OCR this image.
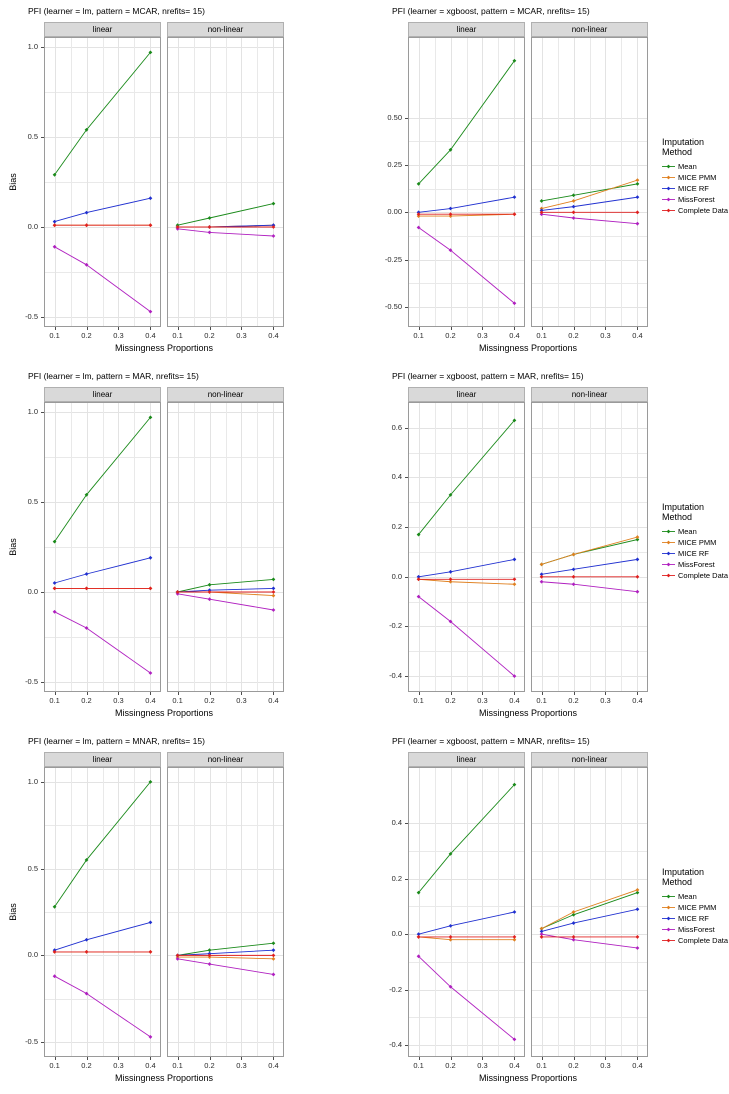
PFI (learner = lm, pattern = MCAR, nrefits= 15)
Bias
linear
-0.5
0.0
0.5
1.0
0.1	0.2	0.3	0.4
non-linear
0.1	0.2	0.3	0.4
Missingness Proportions
PFI (learner = xgboost, pattern = MCAR, nrefits= 15)
linear
-0.50
-0.25
0.00
0.25
0.50
0.1	0.2	0.3	0.4
non-linear
0.1	0.2	0.3	0.4
Missingness Proportions
Imputation Method
Mean
MICE PMM
MICE RF
MissForest
Complete Data
PFI (learner = lm, pattern = MAR, nrefits= 15)
Bias
linear
-0.5
0.0
0.5
1.0
0.1	0.2	0.3	0.4
non-linear
0.1	0.2	0.3	0.4
Missingness Proportions
PFI (learner = xgboost, pattern = MAR, nrefits= 15)
linear
-0.4
-0.2
0.0
0.2
0.4
0.6
0.1	0.2	0.3	0.4
non-linear
0.1	0.2	0.3	0.4
Missingness Proportions
Imputation Method
Mean
MICE PMM
MICE RF
MissForest
Complete Data
PFI (learner = lm, pattern = MNAR, nrefits= 15)
Bias
linear
-0.5
0.0
0.5
1.0
0.1	0.2	0.3	0.4
non-linear
0.1	0.2	0.3	0.4
Missingness Proportions
PFI (learner = xgboost, pattern = MNAR, nrefits= 15)
linear
-0.4
-0.2
0.0
0.2
0.4
0.1	0.2	0.3	0.4
non-linear
0.1	0.2	0.3	0.4
Missingness Proportions
Imputation Method
Mean
MICE PMM
MICE RF
MissForest
Complete Data
